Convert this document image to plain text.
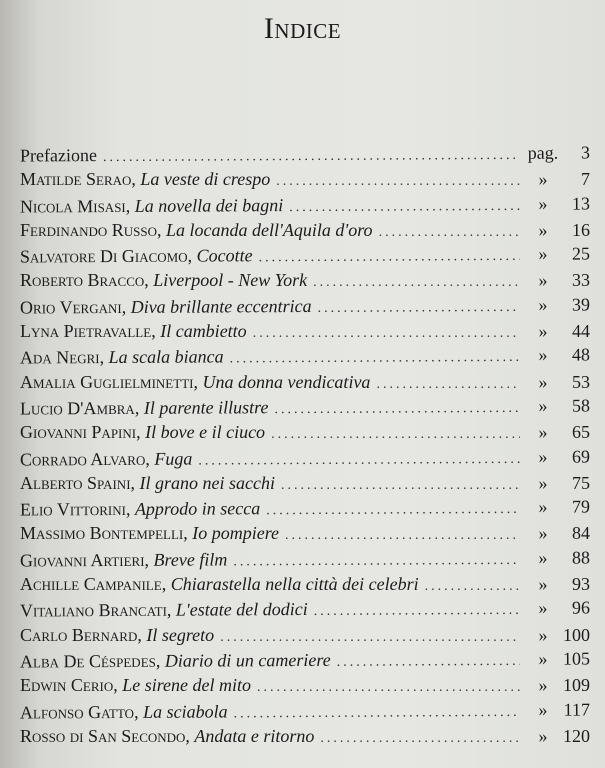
Indice
Prefazione .....	pag.	3
Matilde Serao , La veste di crespo .....	»	7
Nicola Misasi , La novella dei bagni .....	»	13
Ferdinando Russo , La locanda dell'Aquila d'oro .....	»	16
Salvatore Di Giacomo , Cocotte .....	»	25
Roberto Bracco , Liverpool - New York .....	»	33
Orio Vergani , Diva brillante eccentrica .....	»	39
Lyna Pietravalle , Il cambietto .....	»	44
Ada Negri , La scala bianca .....	»	48
Amalia Guglielminetti , Una donna vendicativa .....	»	53
Lucio D'Ambra , Il parente illustre .....	»	58
Giovanni Papini , Il bove e il ciuco .....	»	65
Corrado Alvaro , Fuga .....	»	69
Alberto Spaini , Il grano nei sacchi .....	»	75
Elio Vittorini , Approdo in secca .....	»	79
Massimo Bontempelli , Io pompiere .....	»	84
Giovanni Artieri , Breve film .....	»	88
Achille Campanile , Chiarastella nella città dei celebri .....	»	93
Vitaliano Brancati , L'estate del dodici .....	»	96
Carlo Bernard , Il segreto .....	» 100
Alba De Céspedes , Diario di un cameriere .....	» 105
Edwin Cerio , Le sirene del mito .....	» 109
Alfonso Gatto , La sciabola .....	» 117
Rosso di San Secondo , Andata e ritorno .....	» 120
